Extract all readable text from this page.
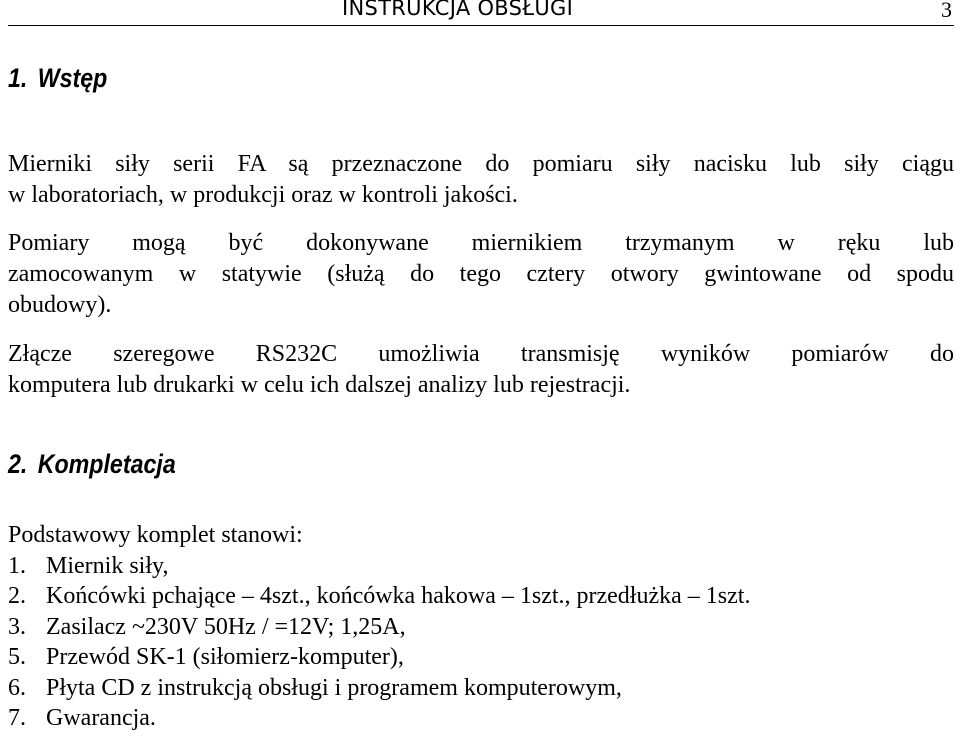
INSTRUKCJA OBSŁUGI	3
1. Wstęp
Mierniki siły serii FA są przeznaczone do pomiaru siły nacisku lub siły ciągu
w laboratoriach, w produkcji oraz w kontroli jakości.
Pomiary mogą być dokonywane miernikiem trzymanym w ręku lub
zamocowanym w statywie (służą do tego cztery otwory gwintowane od spodu
obudowy).
Złącze szeregowe RS232C umożliwia transmisję wyników pomiarów do
komputera lub drukarki w celu ich dalszej analizy lub rejestracji.
2. Kompletacja
Podstawowy komplet stanowi:
1. Miernik siły,
2. Końcówki pchające – 4szt., końcówka hakowa – 1szt., przedłużka – 1szt.
3. Zasilacz ~230V 50Hz / =12V; 1,25A,
5. Przewód SK-1 (siłomierz-komputer),
6. Płyta CD z instrukcją obsługi i programem komputerowym,
7. Gwarancja.
